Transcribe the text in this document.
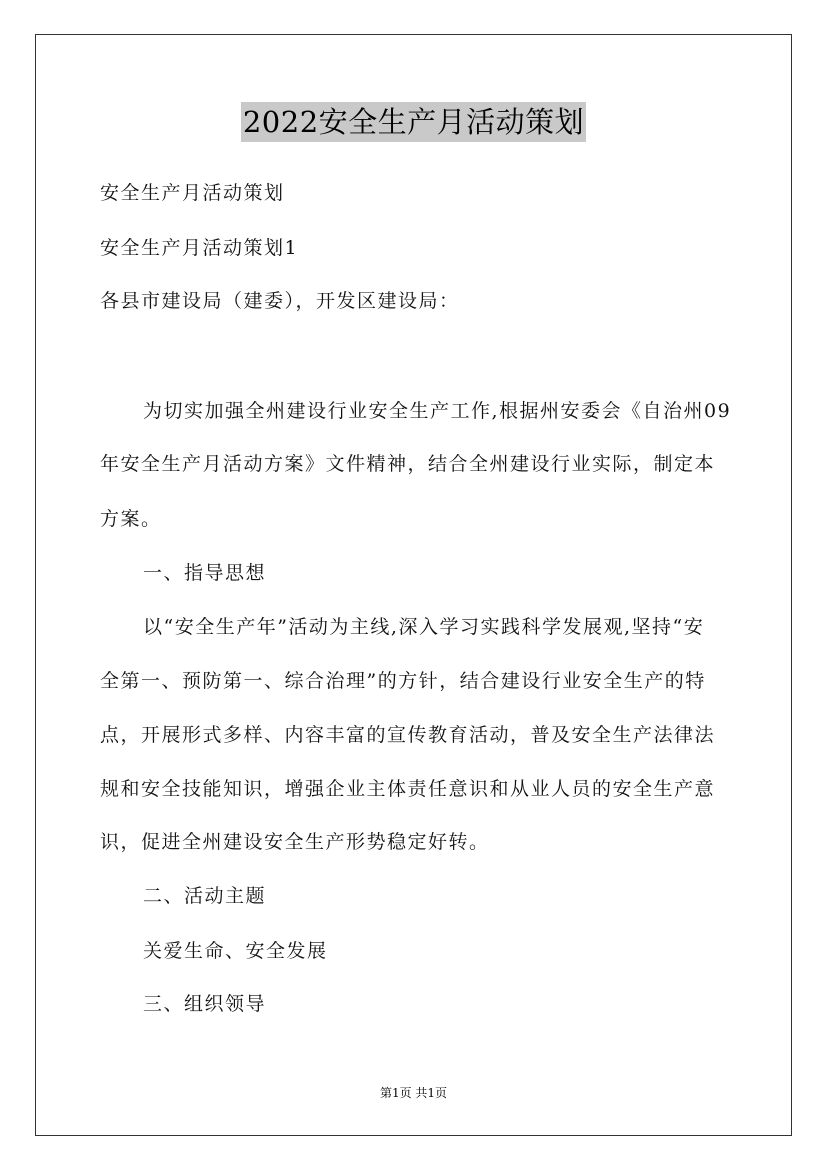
2022安全生产月活动策划
安全生产月活动策划
安全生产月活动策划1
各县市建设局（建委），开发区建设局：
为切实加强全州建设行业安全生产工作,根据州安委会《自治州09
年安全生产月活动方案》文件精神，结合全州建设行业实际，制定本
方案。
一、指导思想
以“安全生产年”活动为主线,深入学习实践科学发展观,坚持“安
全第一、预防第一、综合治理”的方针，结合建设行业安全生产的特
点，开展形式多样、内容丰富的宣传教育活动，普及安全生产法律法
规和安全技能知识，增强企业主体责任意识和从业人员的安全生产意
识，促进全州建设安全生产形势稳定好转。
二、活动主题
关爱生命、安全发展
三、组织领导
第1页 共1页
